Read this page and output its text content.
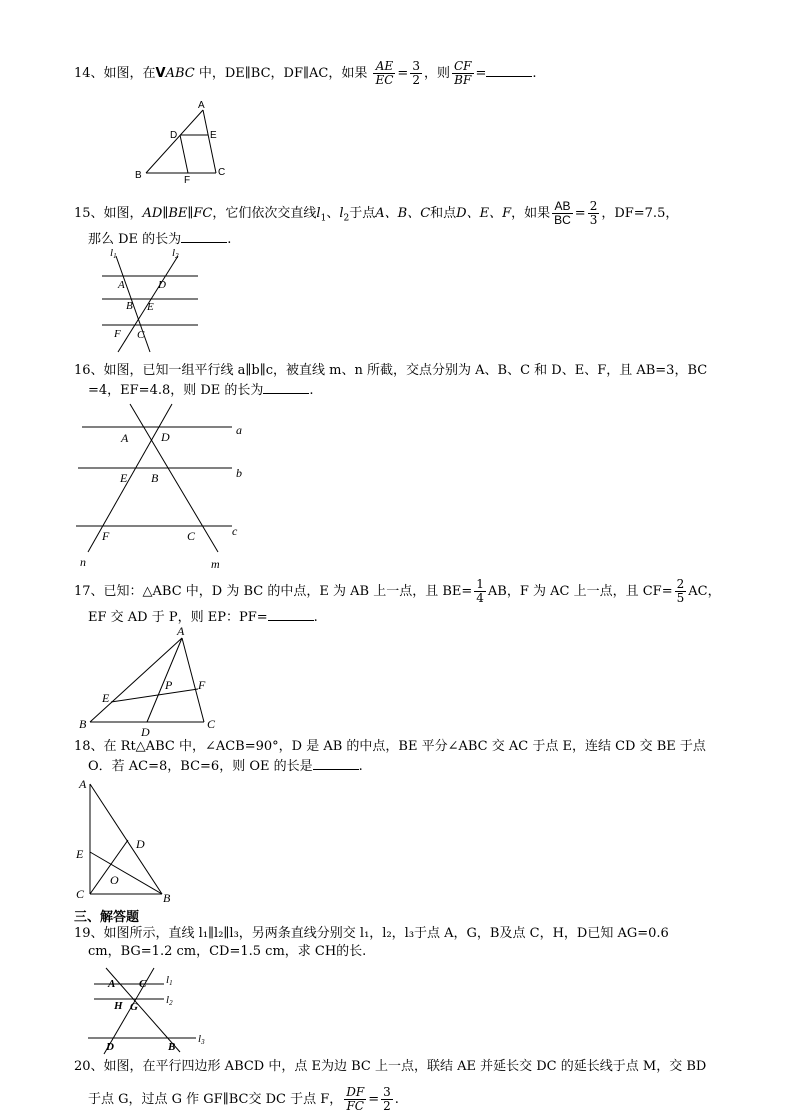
14、如图，在VABC 中，DE∥BC，DF∥AC，如果 $\frac{AE}{EC} = \frac{3}{2}$ ，则 $\frac{CF}{BF}$ =	.
A
D	E
B	F
C
15、如图，AD∥BE∥FC，它们依次交直线$l_1$、$l_2$于点A、B、C和点D、E、F，如果 $\frac{AB}{BC} = \frac{2}{3}$ ，DF=7.5，
那么 DE 的长为	.
l1	l2
A	D
B E
F C
16、如图，已知一组平行线 a∥b∥c，被直线 m、n 所截，交点分别为 A、B、C 和 D、E、F，且 AB=3，BC
=4，EF=4.8，则 DE 的长为	.
a
b
c
A	D
E B
F	C
n	m
17、已知：△ABC 中，D 为 BC 的中点，E 为 AB 上一点，且 $BE= \frac{1}{4}$ AB，F 为 AC 上一点，且 $CF= \frac{2}{5}$ AC，
EF 交 AD 于 P，则 EP：PF=	.
A
E
P F
B
D
C
18、在 Rt△ABC 中，∠ACB=90°，D 是 AB 的中点，BE 平分∠ABC 交 AC 于点 E，连结 CD 交 BE 于点
O．若 AC=8，BC=6，则 OE 的长是	.
A
D
E
O
C	B
三、解答题
19、如图所示，直线 l₁∥l₂∥l₃，另两条直线分别交 l₁，l₂，l₃于点 A，G，B及点 C，H，D已知 AG=0.6
cm，BG=1.2 cm，CD=1.5 cm，求 CH的长.
A C l1
H G
l2
D	B
l3
20、如图，在平行四边形 ABCD 中，点 E为边 BC 上一点，联结 AE 并延长交 DC 的延长线于点 M，交 BD
于点 G，过点 G 作 GF∥BC交 DC 于点 F， $\frac{DF}{FC} = \frac{3}{2}$ .
